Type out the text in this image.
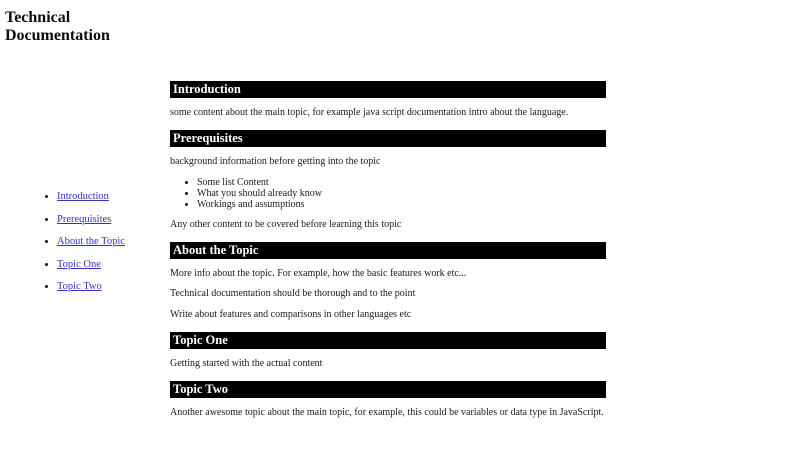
Technical Documentation
• Introduction
• Prerequisites
• About the Topic
• Topic One
• Topic Two
Introduction

some content about the main topic, for example java script documentation intro about the language.

Prerequisites

background information before getting into the topic

• Some list Content
• What you should already know
• Workings and assumptions

Any other content to be covered before learning this topic

About the Topic

More info about the topic. For example, how the basic features work etc...

Technical documentation should be thorough and to the point

Write about features and comparisons in other languages etc

Topic One

Getting started with the actual content

Topic Two

Another awesome topic about the main topic, for example, this could be variables or data type in JavaScript.
